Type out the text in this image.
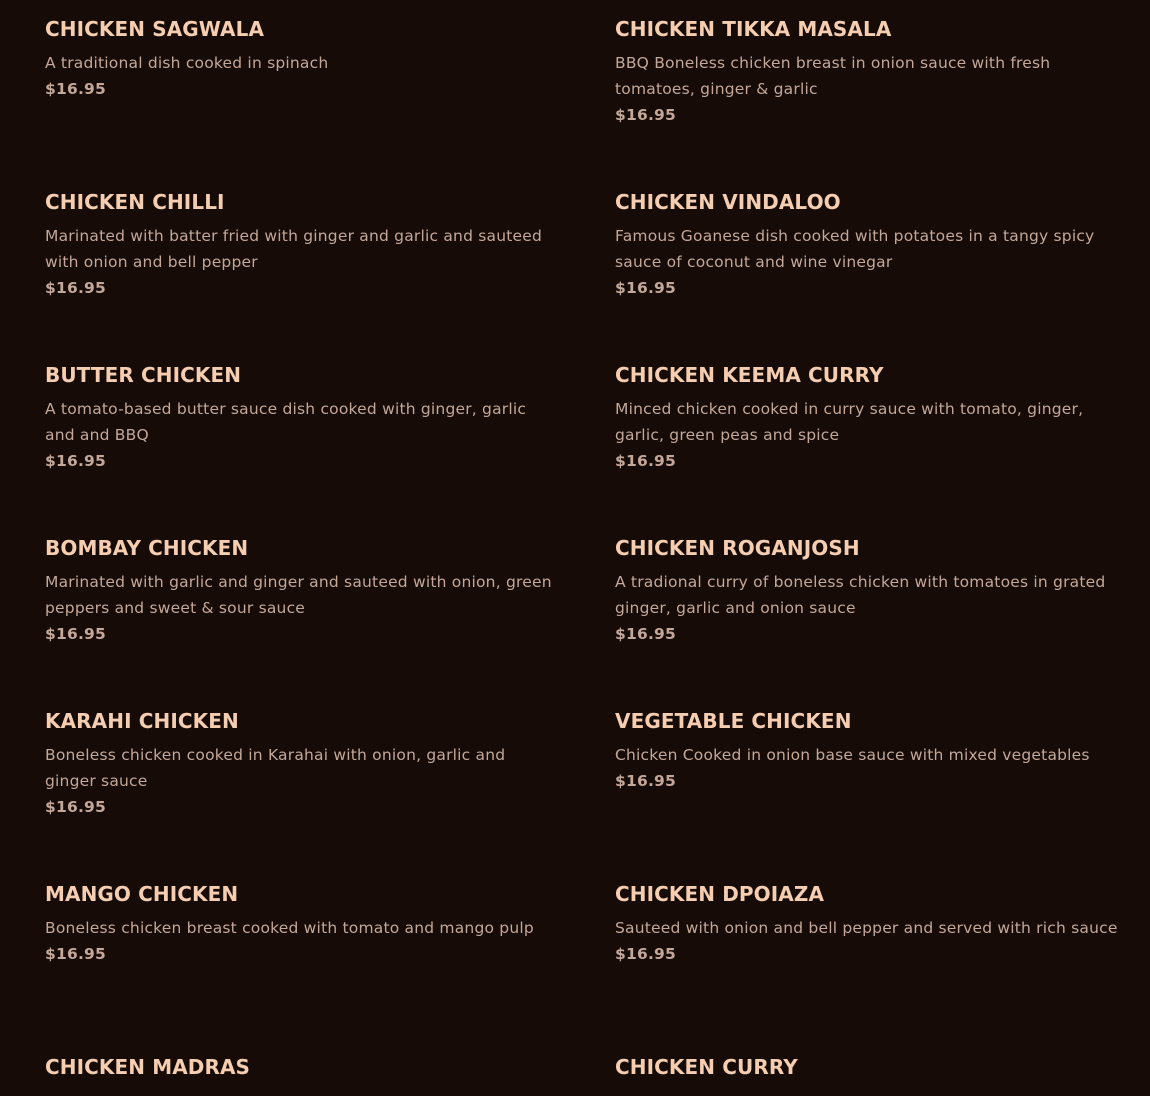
CHICKEN SAGWALA

A traditional dish cooked in spinach

$16.95

CHICKEN TIKKA MASALA

BBQ Boneless chicken breast in onion sauce with fresh tomatoes, ginger & garlic

$16.95

CHICKEN CHILLI

Marinated with batter fried with ginger and garlic and sauteed with onion and bell pepper

$16.95

CHICKEN VINDALOO

Famous Goanese dish cooked with potatoes in a tangy spicy sauce of coconut and wine vinegar

$16.95

BUTTER CHICKEN

A tomato-based butter sauce dish cooked with ginger, garlic and and BBQ

$16.95

CHICKEN KEEMA CURRY

Minced chicken cooked in curry sauce with tomato, ginger, garlic, green peas and spice

$16.95

BOMBAY CHICKEN

Marinated with garlic and ginger and sauteed with onion, green peppers and sweet & sour sauce

$16.95

CHICKEN ROGANJOSH

A tradional curry of boneless chicken with tomatoes in grated ginger, garlic and onion sauce

$16.95

KARAHI CHICKEN

Boneless chicken cooked in Karahai with onion, garlic and ginger sauce

$16.95

VEGETABLE CHICKEN

Chicken Cooked in onion base sauce with mixed vegetables

$16.95

MANGO CHICKEN

Boneless chicken breast cooked with tomato and mango pulp

$16.95

CHICKEN DPOIAZA

Sauteed with onion and bell pepper and served with rich sauce

$16.95

CHICKEN MADRAS	CHICKEN CURRY
